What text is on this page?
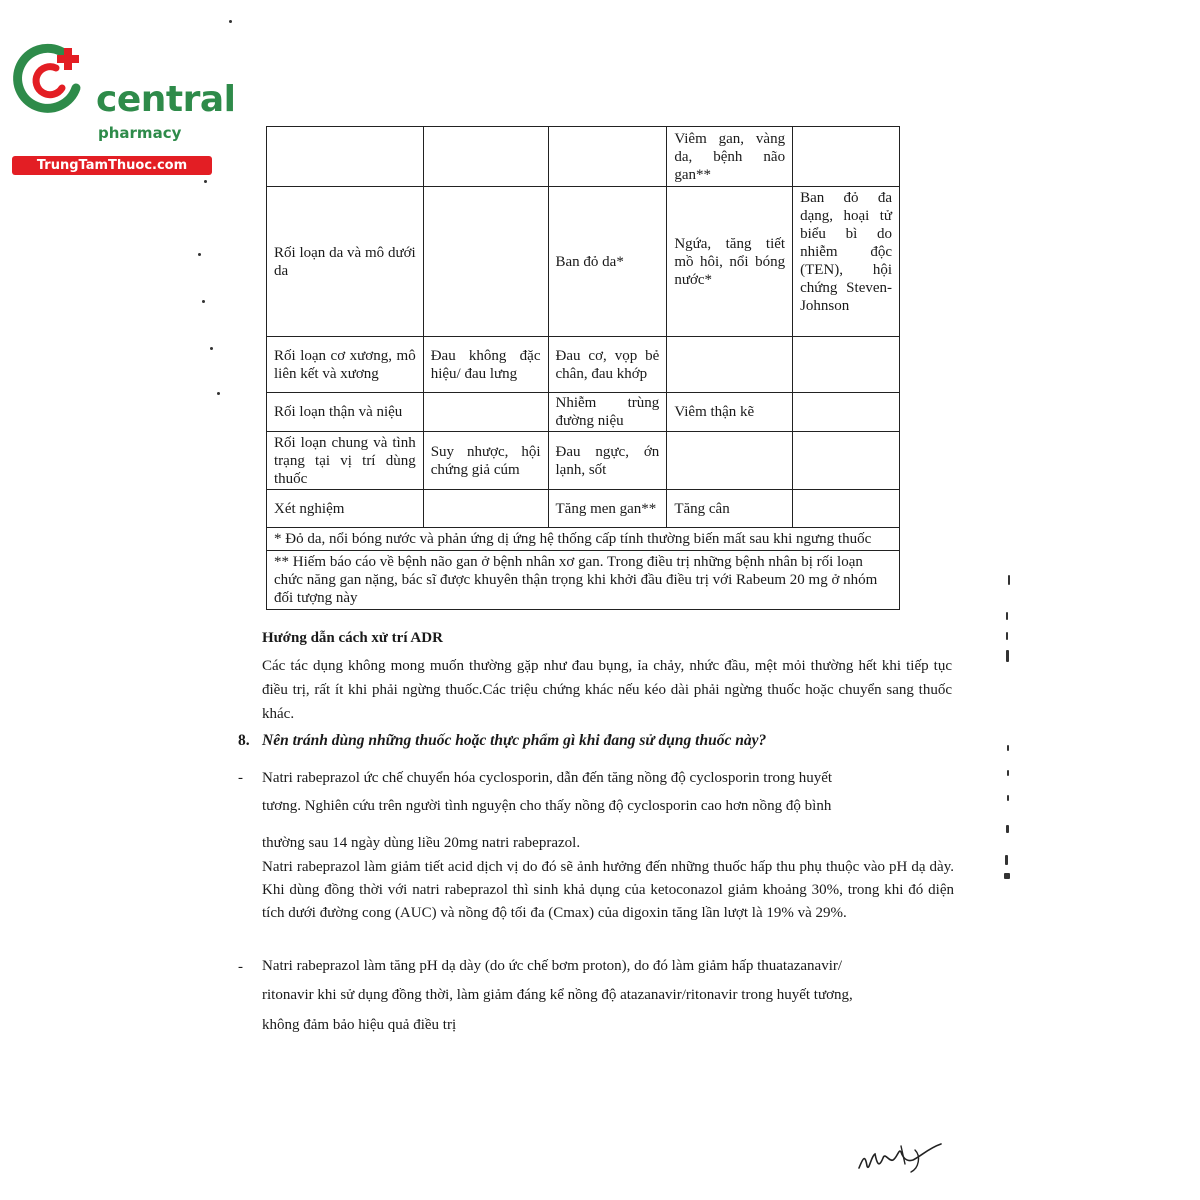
central
pharmacy
TrungTamThuoc.com
			Viêm gan, vàng da, bệnh não gan**	
Rối loạn da và mô dưới da		Ban đỏ da*	Ngứa, tăng tiết mồ hôi, nổi bóng nước*	Ban đỏ đa dạng, hoại tử biểu bì do nhiễm độc (TEN), hội chứng Steven-Johnson
Rối loạn cơ xương, mô liên kết và xương	Đau không đặc hiệu/ đau lưng	Đau cơ, vọp bẻ chân, đau khớp		
Rối loạn thận và niệu		Nhiễm trùng đường niệu	Viêm thận kẽ	
Rối loạn chung và tình trạng tại vị trí dùng thuốc	Suy nhược, hội chứng giả cúm	Đau ngực, ớn lạnh, sốt		
Xét nghiệm		Tăng men gan**	Tăng cân	
* Đỏ da, nổi bóng nước và phản ứng dị ứng hệ thống cấp tính thường biến mất sau khi ngưng thuốc				
** Hiếm báo cáo về bệnh não gan ở bệnh nhân xơ gan. Trong điều trị những bệnh nhân bị rối loạn chức năng gan nặng, bác sĩ được khuyên thận trọng khi khởi đầu điều trị với Rabeum 20 mg ở nhóm đối tượng này				
Hướng dẫn cách xử trí ADR
Các tác dụng không mong muốn thường gặp như đau bụng, ỉa chảy, nhức đầu, mệt mỏi thường hết khi tiếp tục điều trị, rất ít khi phải ngừng thuốc.Các triệu chứng khác nếu kéo dài phải ngừng thuốc hoặc chuyển sang thuốc khác.
8. Nên tránh dùng những thuốc hoặc thực phẩm gì khi đang sử dụng thuốc này?
- Natri rabeprazol ức chế chuyển hóa cyclosporin, dẫn đến tăng nồng độ cyclosporin trong huyết
tương. Nghiên cứu trên người tình nguyện cho thấy nồng độ cyclosporin cao hơn nồng độ bình
thường sau 14 ngày dùng liều 20mg natri rabeprazol.
Natri rabeprazol làm giảm tiết acid dịch vị do đó sẽ ảnh hưởng đến những thuốc hấp thu phụ thuộc vào pH dạ dày. Khi dùng đồng thời với natri rabeprazol thì sinh khả dụng của ketoconazol giảm khoảng 30%, trong khi đó diện tích dưới đường cong (AUC) và nồng độ tối đa (Cmax) của digoxin tăng lần lượt là 19% và 29%.
- Natri rabeprazol làm tăng pH dạ dày (do ức chế bơm proton), do đó làm giảm hấp thuatazanavir/
ritonavir khi sử dụng đồng thời, làm giảm đáng kể nồng độ atazanavir/ritonavir trong huyết tương,
không đảm bảo hiệu quả điều trị
